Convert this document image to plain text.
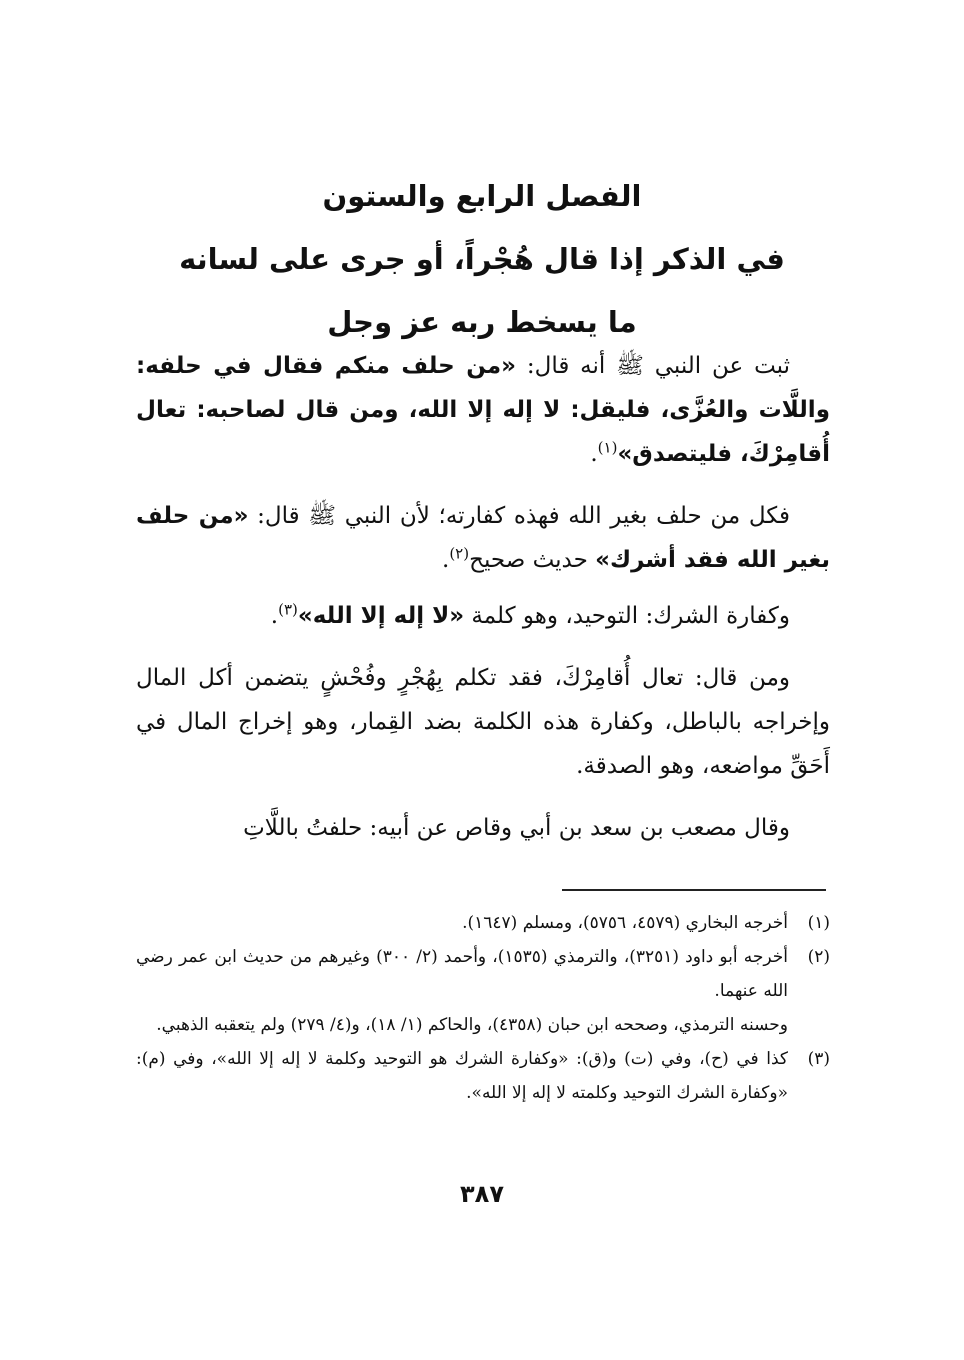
الفصل الرابع والستون
في الذكر إذا قال هُجْراً، أو جرى على لسانه
ما يسخط ربه عز وجل

ثبت عن النبي ﷺ أنه قال: «من حلف منكم فقال في حلفه: واللَّات والعُزَّى، فليقل: لا إله إلا الله، ومن قال لصاحبه: تعال أُقامِرْكَ، فليتصدق»$^{(١)}$.

فكل من حلف بغير الله فهذه كفارته؛ لأن النبي ﷺ قال: «من حلف بغير الله فقد أشرك» حديث صحيح$^{(٢)}$.

وكفارة الشرك: التوحيد، وهو كلمة «لا إله إلا الله»$^{(٣)}$.

ومن قال: تعال أُقامِرْكَ، فقد تكلم بِهُجْرٍ وفُحْشٍ يتضمن أكل المال وإخراجه بالباطل، وكفارة هذه الكلمة بضد القِمار، وهو إخراج المال في أَحَقِّ مواضعه، وهو الصدقة.

وقال مصعب بن سعد بن أبي وقاص عن أبيه: حلفتُ باللَّاتِ

(١)
أخرجه البخاري (٤٥٧٩، ٥٧٥٦)، ومسلم (١٦٤٧).
(٢)
أخرجه أبو داود (٣٢٥١)، والترمذي (١٥٣٥)، وأحمد (٢/ ٣٠٠) وغيرهم من حديث ابن عمر رضي الله عنهما.
وحسنه الترمذي، وصححه ابن حبان (٤٣٥٨)، والحاكم (١/ ١٨)، و(٤/ ٢٧٩) ولم يتعقبه الذهبي.
(٣)
كذا في (ح)، وفي (ت) و(ق): «وكفارة الشرك هو التوحيد وكلمة لا إله إلا الله»، وفي (م): «وكفارة الشرك التوحيد وكلمته لا إله إلا الله».
٣٨٧
